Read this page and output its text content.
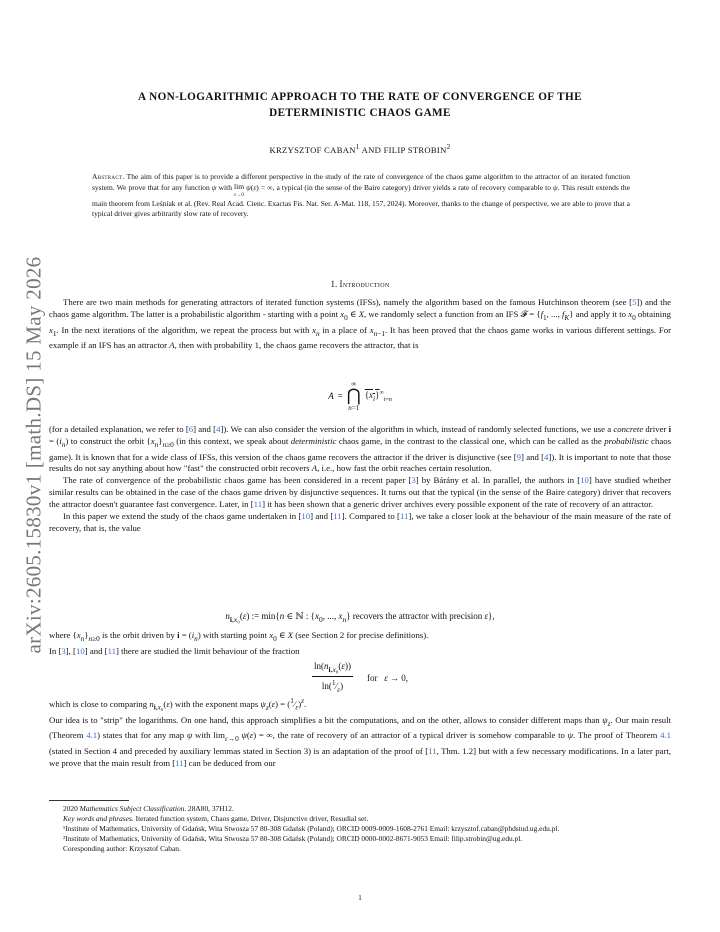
arXiv:2605.15830v1 [math.DS] 15 May 2026
A NON-LOGARITHMIC APPROACH TO THE RATE OF CONVERGENCE OF THE
DETERMINISTIC CHAOS GAME
KRZYSZTOF CABAN$^1$ AND FILIP STROBIN$^2$
Abstract. The aim of this paper is to provide a different perspective in the study of the rate of convergence of the chaos game algorithm to the attractor of an iterated function system. We prove that for any function ψ with lim
ε→0 ψ(ε) = ∞, a typical (in the sense of the Baire category) driver yields a rate of recovery comparable to ψ. This result extends the main theorem from Leśniak et al. (Rev. Real Acad. Cienc. Exactas Fis. Nat. Ser. A-Mat. 118, 157, 2024). Moreover, thanks to the change of perspective, we are able to prove that a typical driver gives arbitrarily slow rate of recovery.
1. Introduction

There are two main methods for generating attractors of iterated function systems (IFSs), namely the algorithm based on the famous Hutchinson theorem (see [5]) and the chaos game algorithm. The latter is a probabilistic algorithm - starting with a point $x_0$ ∈ X, we randomly select a function from an IFS 𝓕 = {$f_1$, ..., $f_K$} and apply it to $x_0$ obtaining $x_1$. In the next iterations of the algorithm, we repeat the process but with $x_n$ in a place of $x_{n-1}$. It has been proved that the chaos game works in various different settings. For example if an IFS has an attractor A, then with probability 1, the chaos game recovers the attractor, that is

A =
∞
⋂
n=1
$\{x_i\}^\infty_{i=n}$

(for a detailed explanation, we refer to [6] and [4]). We can also consider the version of the algorithm in which, instead of randomly selected functions, we use a concrete driver $i = (i_n)$ to construct the orbit $\{x_n\}_{n\ge 0}$ (in this context, we speak about deterministic chaos game, in the contrast to the classical one, which can be called as the probabilistic chaos game). It is known that for a wide class of IFSs, this version of the chaos game recovers the attractor if the driver is disjunctive (see [9] and [4]). It is important to note that those results do not say anything about how "fast" the constructed orbit recovers A, i.e., how fast the orbit reaches certain resolution.

The rate of convergence of the probabilistic chaos game has been considered in a recent paper [3] by Bárány et al. In parallel, the authors in [10] have studied whether similar results can be obtained in the case of the chaos game driven by disjunctive sequences. It turns out that the typical (in the sense of the Baire category) driver that recovers the attractor doesn't guarantee fast convergence. Later, in [11] it has been shown that a generic driver archives every possible exponent of the rate of recovery of an attractor.

In this paper we extend the study of the chaos game undertaken in [10] and [11]. Compared to [11], we take a closer look at the behaviour of the main measure of the rate of recovery, that is, the value

$n_{i,x_0}(\varepsilon)$ := min{n ∈ ℕ : {$x_0$, ..., $x_n$} recovers the attractor with precision ε},

where $\{x_n\}_{n\ge 0}$ is the orbit driven by $i = (i_n)$ with starting point $x_0$ ∈ X (see Section 2 for precise definitions).

In [3], [10] and [11] there are studied the limit behaviour of the fraction

$\ln(n_{i,x_0}(\varepsilon))$
$\ln(^1⁄_\varepsilon)$
for   ε → 0,

which is close to comparing $n_{i,x_0}(\varepsilon)$ with the exponent maps $\psi_z(\varepsilon)$ = $(^1⁄_\varepsilon)^z$.

Our idea is to "strip" the logarithms. On one hand, this approach simplifies a bit the computations, and on the other, allows to consider different maps than $\psi_z$. Our main result (Theorem 4.1) states that for any map ψ with $\lim_{\varepsilon\to 0} \psi(\varepsilon)$ = ∞, the rate of recovery of an attractor of a typical driver is somehow comparable to ψ. The proof of Theorem 4.1 (stated in Section 4 and preceded by auxiliary lemmas stated in Section 3) is an adaptation of the proof of [11, Thm. 1.2] but with a few necessary modifications. In a later part, we prove that the main result from [11] can be deduced from our

2020 Mathematics Subject Classification. 28A80, 37H12.

Key words and phrases. Iterated function system, Chaos game, Driver, Disjunctive driver, Resudial set.

¹Institute of Mathematics, University of Gdańsk, Wita Stwosza 57 80-308 Gdańsk (Poland); ORCID 0009-0009-1608-2761 Email: krzysztof.caban@phdstud.ug.edu.pl.

²Institute of Mathematics, University of Gdańsk, Wita Stwosza 57 80-308 Gdańsk (Poland); ORCID 0000-0002-8671-9053 Email: filip.strobin@ug.edu.pl.

Coresponding author: Krzysztof Caban.

1
